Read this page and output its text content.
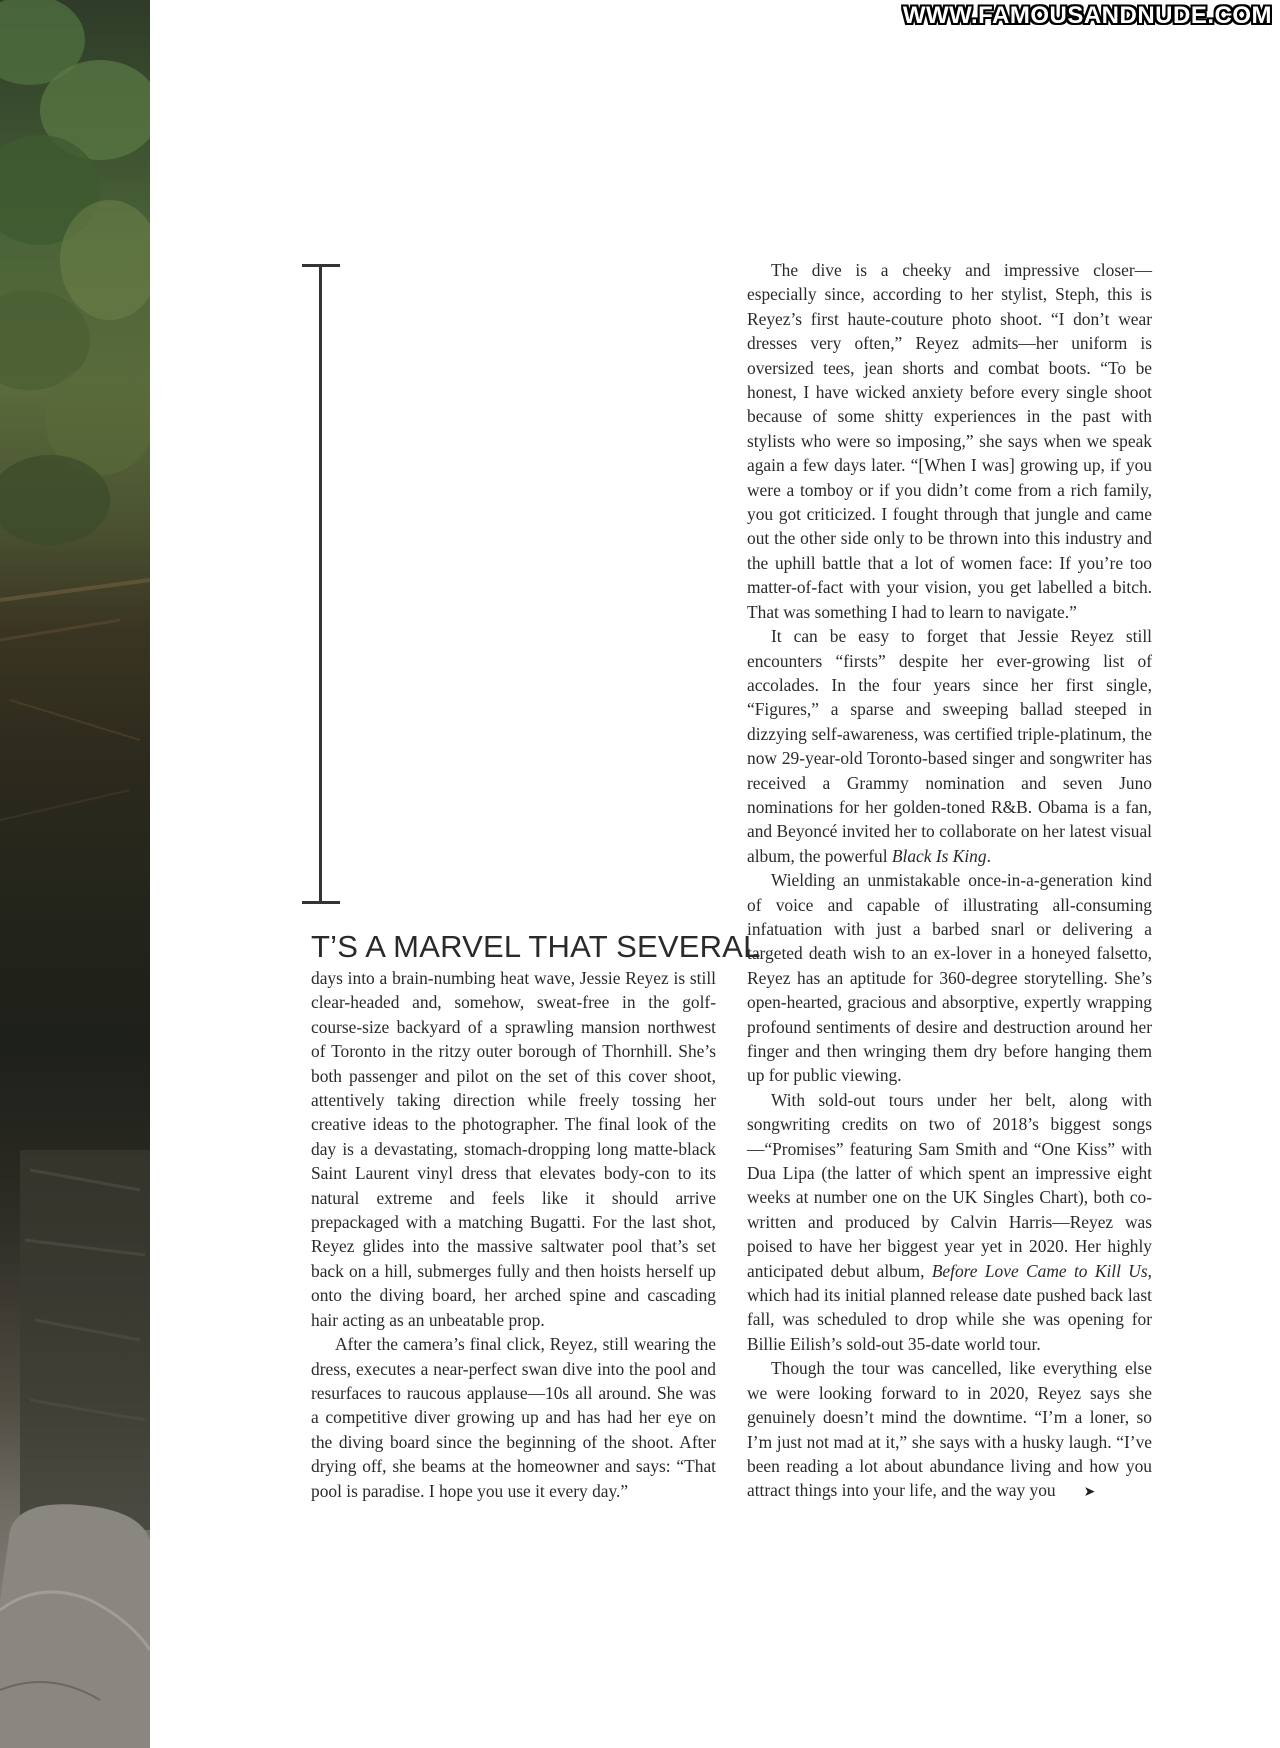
WWW.FAMOUSANDNUDE.COM
T’S A MARVEL THAT SEVERAL

days into a brain-numbing heat wave, Jessie Reyez is still clear-headed and, somehow, sweat-free in the golf-course-size backyard of a sprawling mansion northwest of Toronto in the ritzy outer borough of Thornhill. She’s both passenger and pilot on the set of this cover shoot, attentively taking direction while freely tossing her creative ideas to the photographer. The final look of the day is a devastating, stomach-dropping long matte-black Saint Laurent vinyl dress that elevates body-con to its natural extreme and feels like it should arrive prepackaged with a matching Bugatti. For the last shot, Reyez glides into the massive saltwater pool that’s set back on a hill, submerges fully and then hoists herself up onto the diving board, her arched spine and cascading hair acting as an unbeatable prop.

After the camera’s final click, Reyez, still wearing the dress, executes a near-perfect swan dive into the pool and resurfaces to raucous applause—10s all around. She was a competitive diver growing up and has had her eye on the diving board since the beginning of the shoot. After drying off, she beams at the homeowner and says: “That pool is paradise. I hope you use it every day.”

The dive is a cheeky and impressive closer—especially since, according to her stylist, Steph, this is Reyez’s first haute-couture photo shoot. “I don’t wear dresses very often,” Reyez admits—her uniform is oversized tees, jean shorts and combat boots. “To be honest, I have wicked anxiety before every single shoot because of some shitty experiences in the past with stylists who were so imposing,” she says when we speak again a few days later. “[When I was] growing up, if you were a tomboy or if you didn’t come from a rich family, you got criticized. I fought through that jungle and came out the other side only to be thrown into this industry and the uphill battle that a lot of women face: If you’re too matter-of-fact with your vision, you get labelled a bitch. That was something I had to learn to navigate.”

It can be easy to forget that Jessie Reyez still encounters “firsts” despite her ever-growing list of accolades. In the four years since her first single, “Figures,” a sparse and sweeping ballad steeped in dizzying self-awareness, was certified triple-platinum, the now 29-year-old Toronto-based singer and songwriter has received a Grammy nomination and seven Juno nominations for her golden-toned R&B. Obama is a fan, and Beyoncé invited her to collaborate on her latest visual album, the powerful Black Is King.

Wielding an unmistakable once-in-a-generation kind of voice and capable of illustrating all-consuming infatuation with just a barbed snarl or delivering a targeted death wish to an ex-lover in a honeyed falsetto, Reyez has an aptitude for 360-degree storytelling. She’s open-hearted, gracious and absorptive, expertly wrapping profound sentiments of desire and destruction around her finger and then wringing them dry before hanging them up for public viewing.

With sold-out tours under her belt, along with songwriting credits on two of 2018’s biggest songs—“Promises” featuring Sam Smith and “One Kiss” with Dua Lipa (the latter of which spent an impressive eight weeks at number one on the UK Singles Chart), both co-written and produced by Calvin Harris—Reyez was poised to have her biggest year yet in 2020. Her highly anticipated debut album, Before Love Came to Kill Us, which had its initial planned release date pushed back last fall, was scheduled to drop while she was opening for Billie Eilish’s sold-out 35-date world tour.

Though the tour was cancelled, like everything else we were looking forward to in 2020, Reyez says she genuinely doesn’t mind the downtime. “I’m a loner, so I’m just not mad at it,” she says with a husky laugh. “I’ve been reading a lot about abundance living and how you attract things into your life, and the way you ➤
